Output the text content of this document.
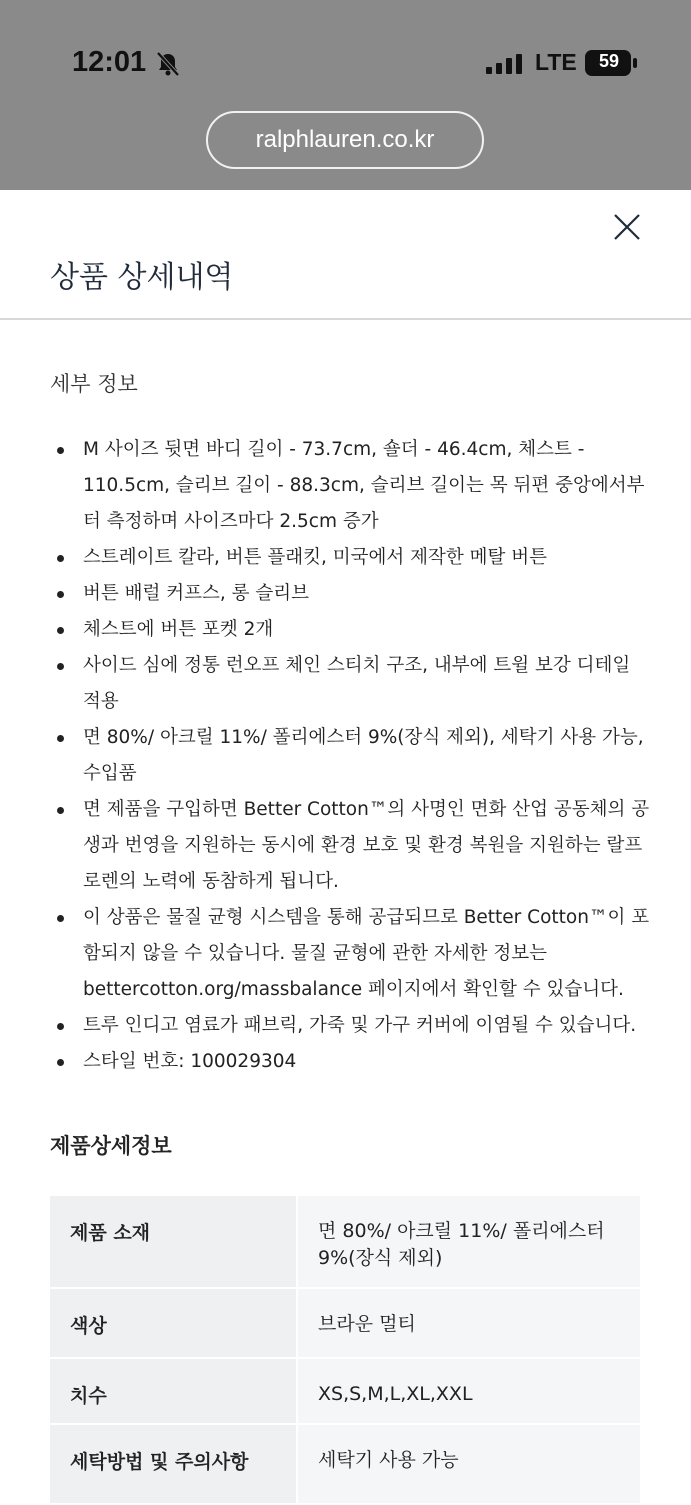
12:01	LTE	59
ralphlauren.co.kr
상품 상세내역
세부 정보
M 사이즈 뒷면 바디 길이 - 73.7cm, 숄더 - 46.4cm, 체스트 - 110.5cm, 슬리브 길이 - 88.3cm, 슬리브 길이는 목 뒤편 중앙에서부터 측정하며 사이즈마다 2.5cm 증가
스트레이트 칼라, 버튼 플래킷, 미국에서 제작한 메탈 버튼
버튼 배럴 커프스, 롱 슬리브
체스트에 버튼 포켓 2개
사이드 심에 정통 런오프 체인 스티치 구조, 내부에 트윌 보강 디테일 적용
면 80%/ 아크릴 11%/ 폴리에스터 9%(장식 제외), 세탁기 사용 가능, 수입품
면 제품을 구입하면 Better Cotton™의 사명인 면화 산업 공동체의 공생과 번영을 지원하는 동시에 환경 보호 및 환경 복원을 지원하는 랄프 로렌의 노력에 동참하게 됩니다.
이 상품은 물질 균형 시스템을 통해 공급되므로 Better Cotton™이 포함되지 않을 수 있습니다. 물질 균형에 관한 자세한 정보는 bettercotton.org/massbalance 페이지에서 확인할 수 있습니다.
트루 인디고 염료가 패브릭, 가죽 및 가구 커버에 이염될 수 있습니다.
스타일 번호: 100029304
제품상세정보
제품 소재	면 80%/ 아크릴 11%/ 폴리에스터 9%(장식 제외)
색상	브라운 멀티
치수	XS,S,M,L,XL,XXL
세탁방법 및 주의사항	세탁기 사용 가능
